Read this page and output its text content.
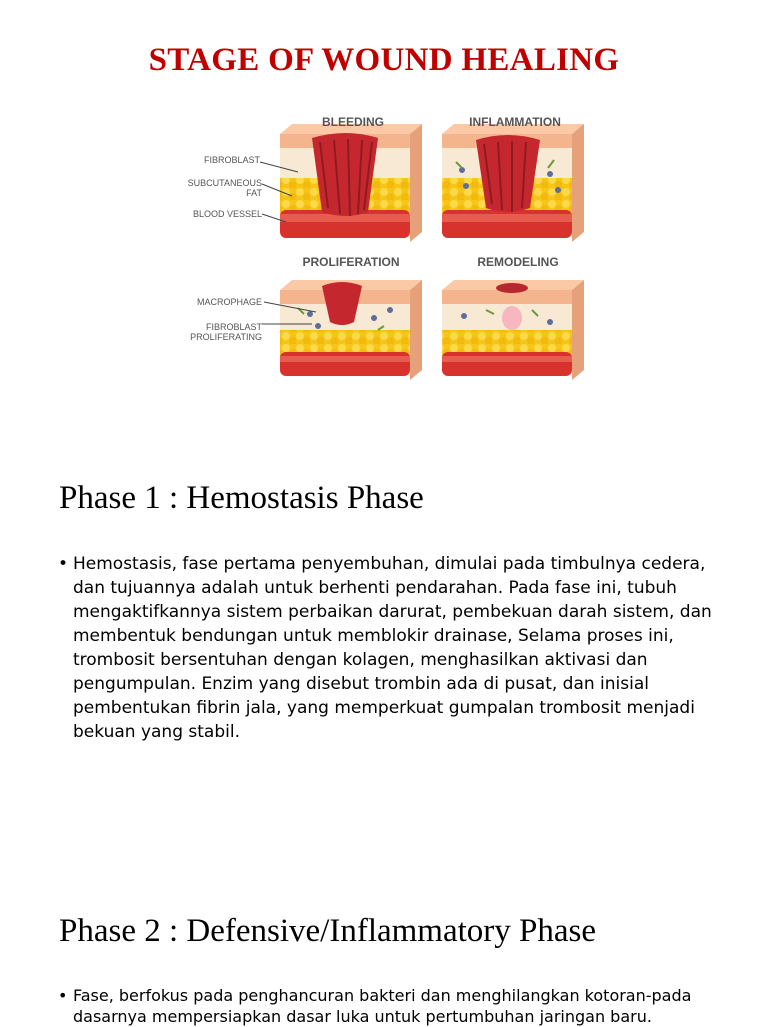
STAGE OF WOUND HEALING
BLEEDING	INFLAMMATION
PROLIFERATION	REMODELING
FIBROBLAST
SUBCUTANEOUS
FAT
BLOOD VESSEL
MACROPHAGE
FIBROBLAST
PROLIFERATING
Phase 1 : Hemostasis Phase
• Hemostasis, fase pertama penyembuhan, dimulai pada timbulnya cedera, dan tujuannya adalah untuk berhenti pendarahan. Pada fase ini, tubuh mengaktifkannya sistem perbaikan darurat, pembekuan darah sistem, dan membentuk bendungan untuk memblokir drainase, Selama proses ini, trombosit bersentuhan dengan kolagen, menghasilkan aktivasi dan pengumpulan. Enzim yang disebut trombin ada di pusat, dan inisial pembentukan fibrin jala, yang memperkuat gumpalan trombosit menjadi bekuan yang stabil.
Phase 2 : Defensive/Inflammatory Phase
• Fase, berfokus pada penghancuran bakteri dan menghilangkan kotoran-pada dasarnya mempersiapkan dasar luka untuk pertumbuhan jaringan baru.
